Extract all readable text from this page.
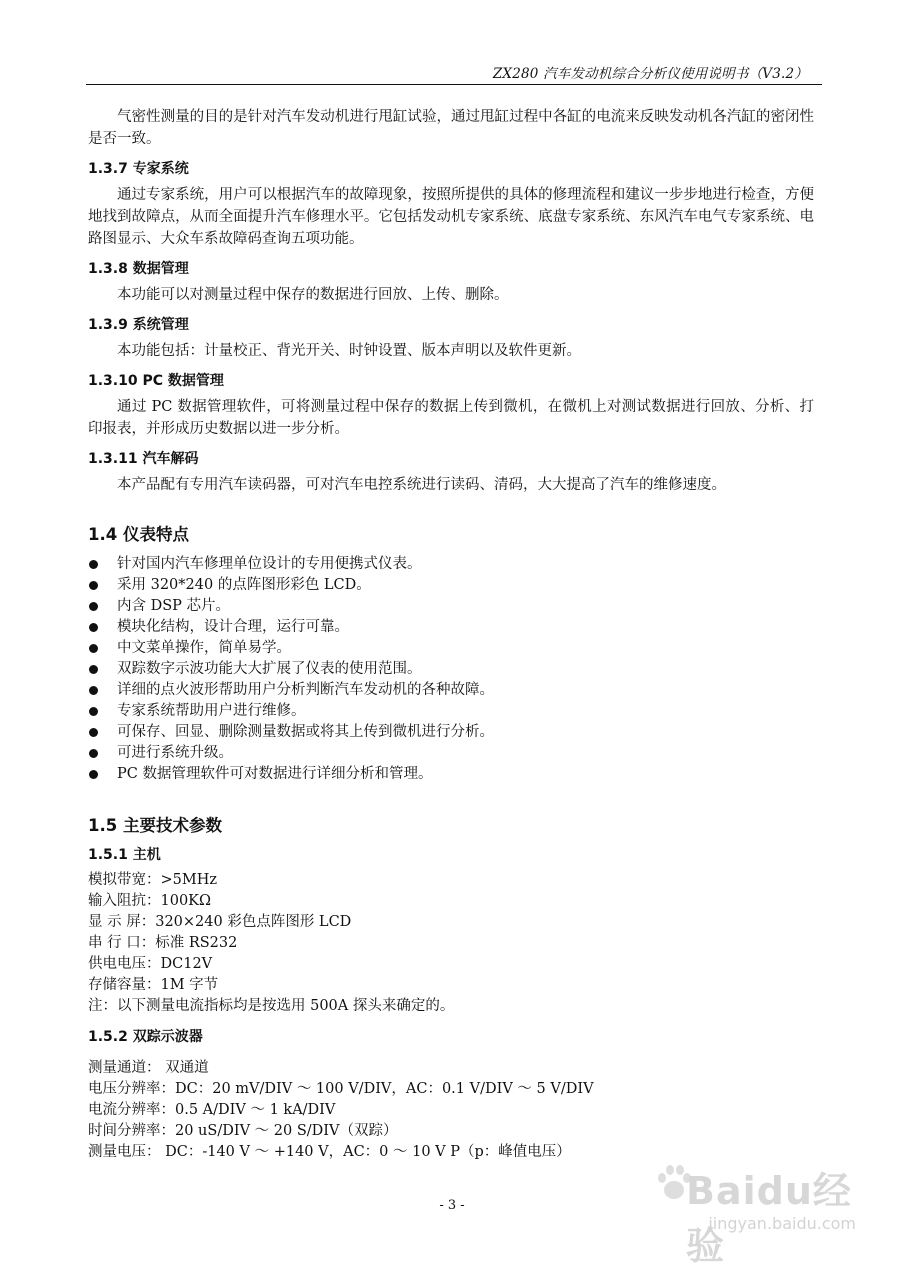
ZX280 汽车发动机综合分析仪使用说明书（V3.2）

气密性测量的目的是针对汽车发动机进行甩缸试验，通过甩缸过程中各缸的电流来反映发动机各汽缸的密闭性是否一致。

1.3.7 专家系统

通过专家系统，用户可以根据汽车的故障现象，按照所提供的具体的修理流程和建议一步步地进行检查，方便地找到故障点，从而全面提升汽车修理水平。它包括发动机专家系统、底盘专家系统、东风汽车电气专家系统、电路图显示、大众车系故障码查询五项功能。

1.3.8 数据管理

本功能可以对测量过程中保存的数据进行回放、上传、删除。

1.3.9 系统管理

本功能包括：计量校正、背光开关、时钟设置、版本声明以及软件更新。

1.3.10 PC 数据管理

通过 PC 数据管理软件，可将测量过程中保存的数据上传到微机，在微机上对测试数据进行回放、分析、打印报表，并形成历史数据以进一步分析。

1.3.11 汽车解码

本产品配有专用汽车读码器，可对汽车电控系统进行读码、清码，大大提高了汽车的维修速度。

1.4 仪表特点
针对国内汽车修理单位设计的专用便携式仪表。
采用 320*240 的点阵图形彩色 LCD。
内含 DSP 芯片。
模块化结构，设计合理，运行可靠。
中文菜单操作，简单易学。
双踪数字示波功能大大扩展了仪表的使用范围。
详细的点火波形帮助用户分析判断汽车发动机的各种故障。
专家系统帮助用户进行维修。
可保存、回显、删除测量数据或将其上传到微机进行分析。
可进行系统升级。
PC 数据管理软件可对数据进行详细分析和管理。
1.5 主要技术参数
1.5.1 主机

模拟带宽：>5MHz

输入阻抗：100KΩ

显 示 屏：320×240 彩色点阵图形 LCD

串 行 口：标准 RS232

供电电压：DC12V

存储容量：1M 字节

注：以下测量电流指标均是按选用 500A 探头来确定的。

1.5.2 双踪示波器

测量通道： 双通道

电压分辨率：DC：20 mV/DIV ～ 100 V/DIV，AC：0.1 V/DIV ～ 5 V/DIV

电流分辨率：0.5 A/DIV ～ 1 kA/DIV

时间分辨率：20 uS/DIV ～ 20 S/DIV（双踪）

测量电压： DC：-140 V ～ +140 V，AC：0 ～ 10 V P（p：峰值电压）

- 3 -	Baidu经验
jingyan.baidu.com
